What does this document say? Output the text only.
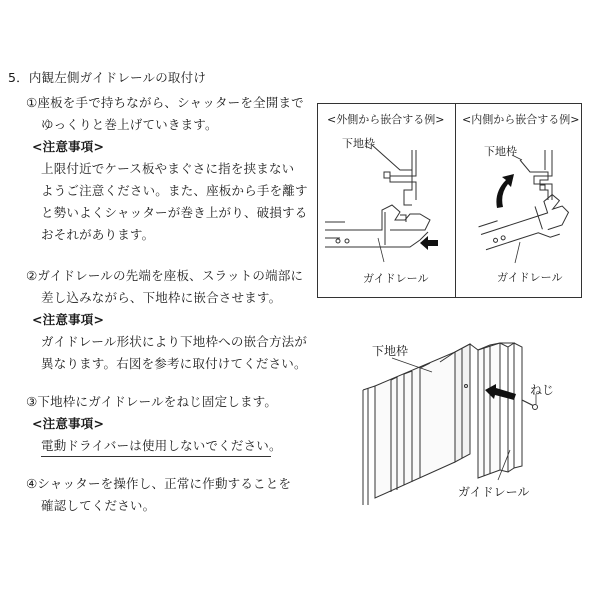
5．内観左側ガイドレールの取付け
①座板を手で持ちながら、シャッターを全開まで
ゆっくりと巻上げていきます。
<注意事項>
上限付近でケース板やまぐさに指を挟まない
ようご注意ください。また、座板から手を離す
と勢いよくシャッターが巻き上がり、破損する
おそれがあります。
②ガイドレールの先端を座板、スラットの端部に
差し込みながら、下地枠に嵌合させます。
<注意事項>
ガイドレール形状により下地枠への嵌合方法が
異なります。右図を参考に取付けてください。
③下地枠にガイドレールをねじ固定します。
<注意事項>
電動ドライバーは使用しないでください。
④シャッターを操作し、正常に作動することを
確認してください。
<外側から嵌合する例> <内側から嵌合する例>
下地枠
下地枠
ガイドレール	ガイドレール
下地枠
ねじ
ガイドレール
